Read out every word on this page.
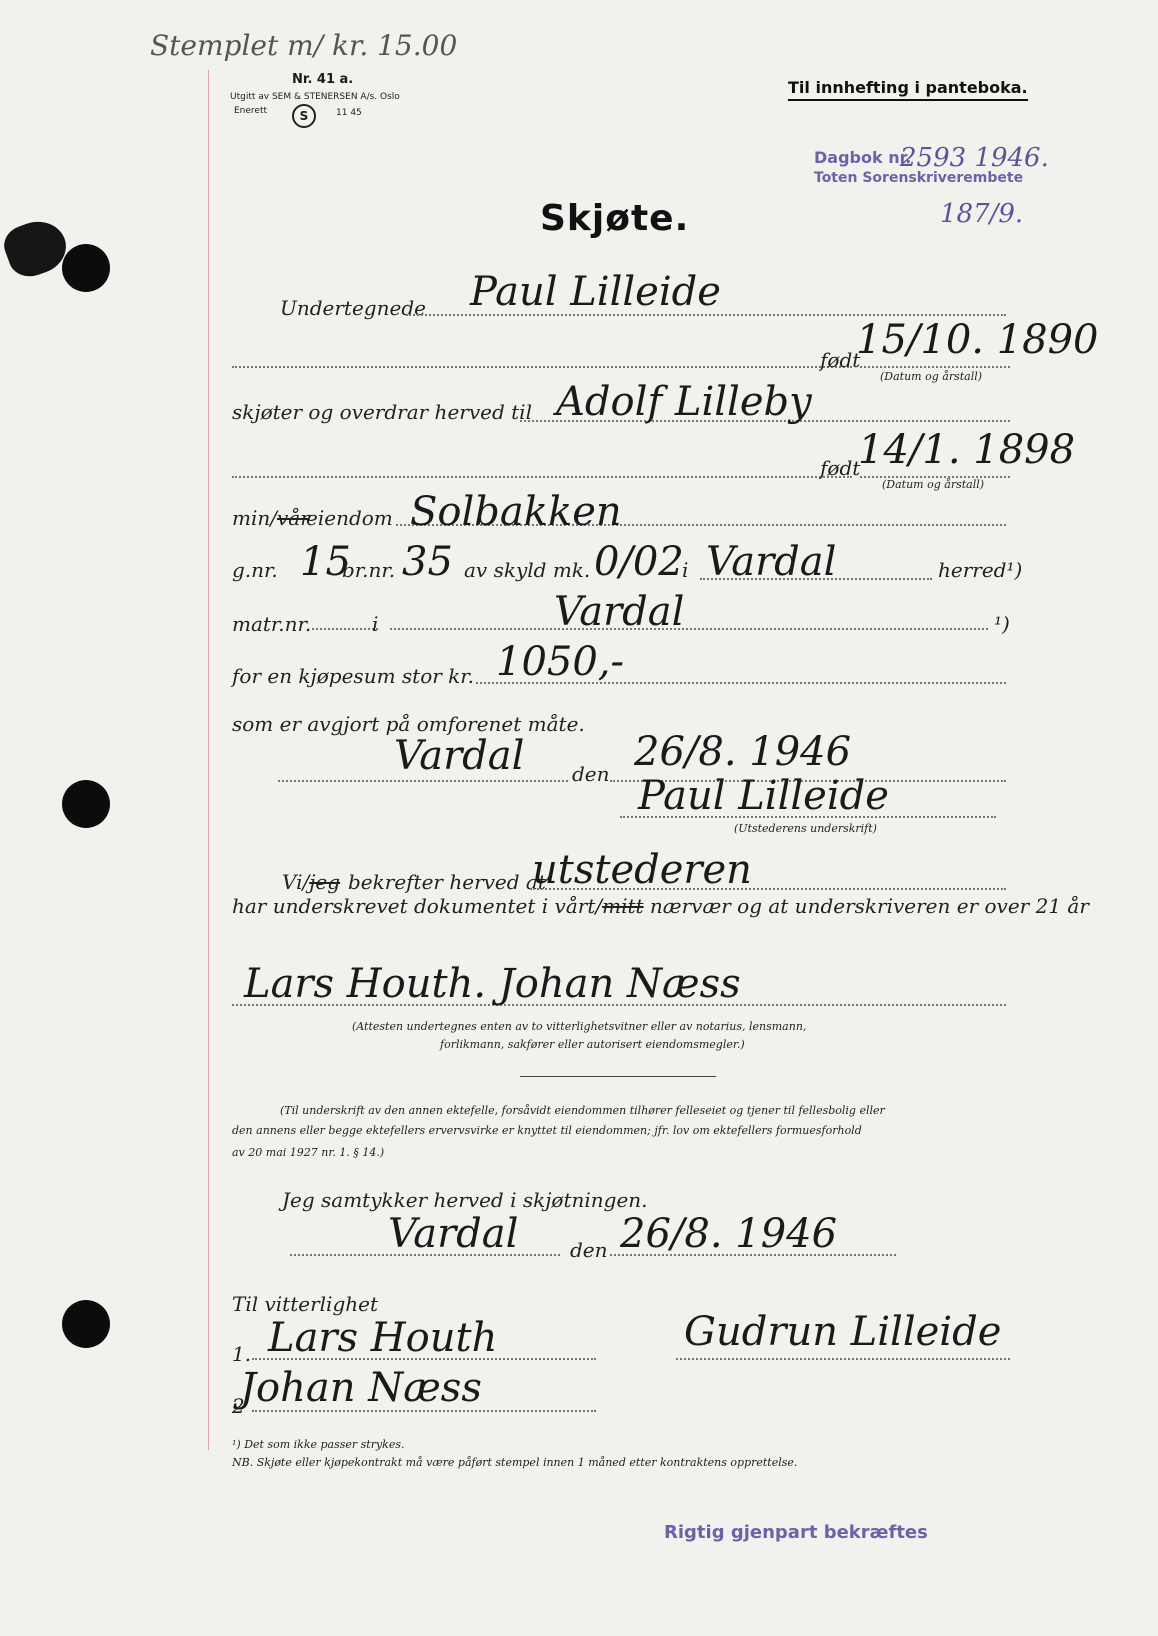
Stemplet m/ kr. 15.00
Nr. 41 a.
Utgitt av SEM & STENERSEN A/s. Oslo
Enerett	S	11 45
Til innhefting i panteboka.
Dagbok nr.
2593 1946.
Toten Sorenskriverembete
187/9.
Skjøte.
Undertegnede Paul Lilleide
født
15/10. 1890
(Datum og årstall)
skjøter og overdrar herved til Adolf Lilleby
født
14/1. 1898
(Datum og årstall)
min/vår
eiendom Solbakken
g.nr. 15
br.nr. 35 av skyld mk. 0/02
i Vardal	herred¹)
matr.nr.	i	Vardal	¹)
for en kjøpesum stor kr. 1050,-
som er avgjort på omforenet måte.
Vardal den 26/8. 1946
Paul Lilleide
(Utstederens underskrift)
Vi/jeg bekrefter herved at
utstederen
har underskrevet dokumentet i vårt/mitt nærvær og at underskriveren er over 21 år
Lars Houth. Johan Næss
(Attesten undertegnes enten av to vitterlighetsvitner eller av notarius, lensmann,
forlikmann, sakfører eller autorisert eiendomsmegler.)
(Til underskrift av den annen ektefelle, forsåvidt eiendommen tilhører felleseiet og tjener til fellesbolig eller
den annens eller begge ektefellers ervervsvirke er knyttet til eiendommen; jfr. lov om ektefellers formuesforhold
av 20 mai 1927 nr. 1. § 14.)
Jeg samtykker herved i skjøtningen.
Vardal	den 26/8. 1946
Til vitterlighet
1. Lars Houth	Gudrun Lilleide
2
Johan Næss
¹) Det som ikke passer strykes.
NB. Skjøte eller kjøpekontrakt må være påført stempel innen 1 måned etter kontraktens opprettelse.
Rigtig gjenpart bekræftes
